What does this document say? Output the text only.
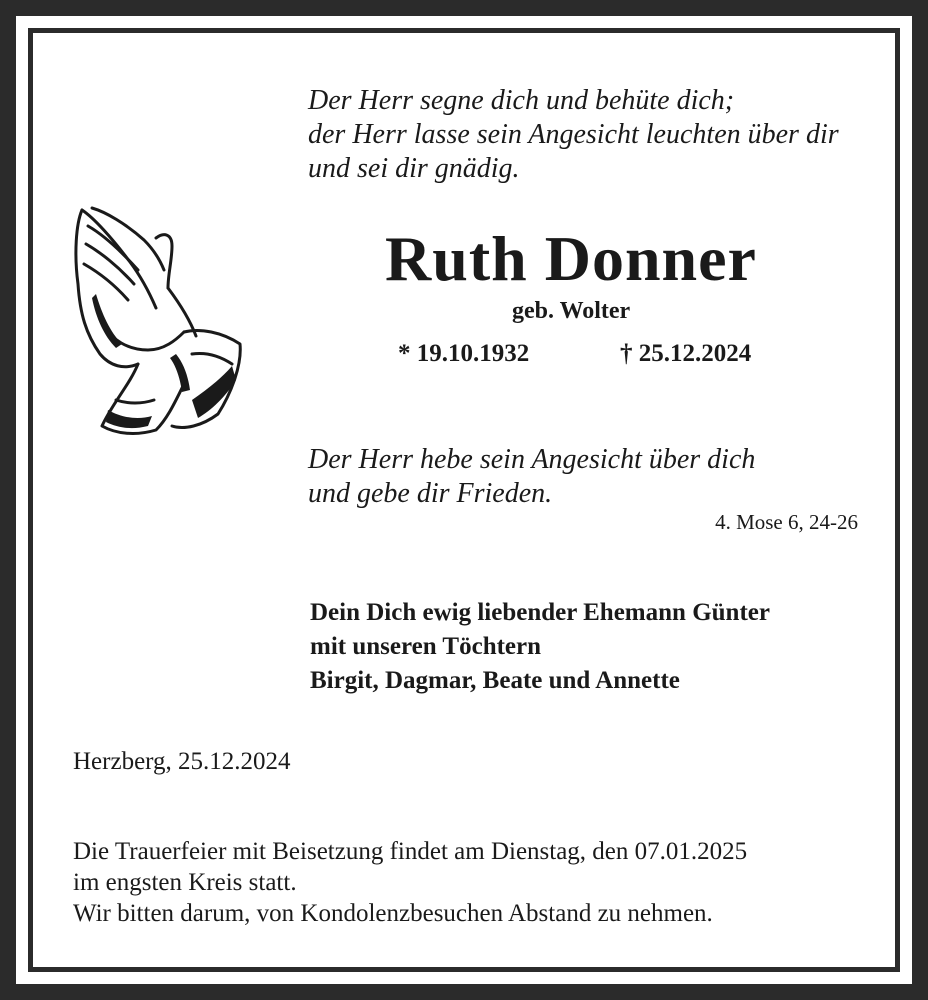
Der Herr segne dich und behüte dich;
der Herr lasse sein Angesicht leuchten über dir
und sei dir gnädig.
Ruth Donner
geb. Wolter
* 19.10.1932	† 25.12.2024
Der Herr hebe sein Angesicht über dich
und gebe dir Frieden.
4. Mose 6, 24-26
Dein Dich ewig liebender Ehemann Günter
mit unseren Töchtern
Birgit, Dagmar, Beate und Annette
Herzberg, 25.12.2024
Die Trauerfeier mit Beisetzung findet am Dienstag, den 07.01.2025
im engsten Kreis statt.
Wir bitten darum, von Kondolenzbesuchen Abstand zu nehmen.
